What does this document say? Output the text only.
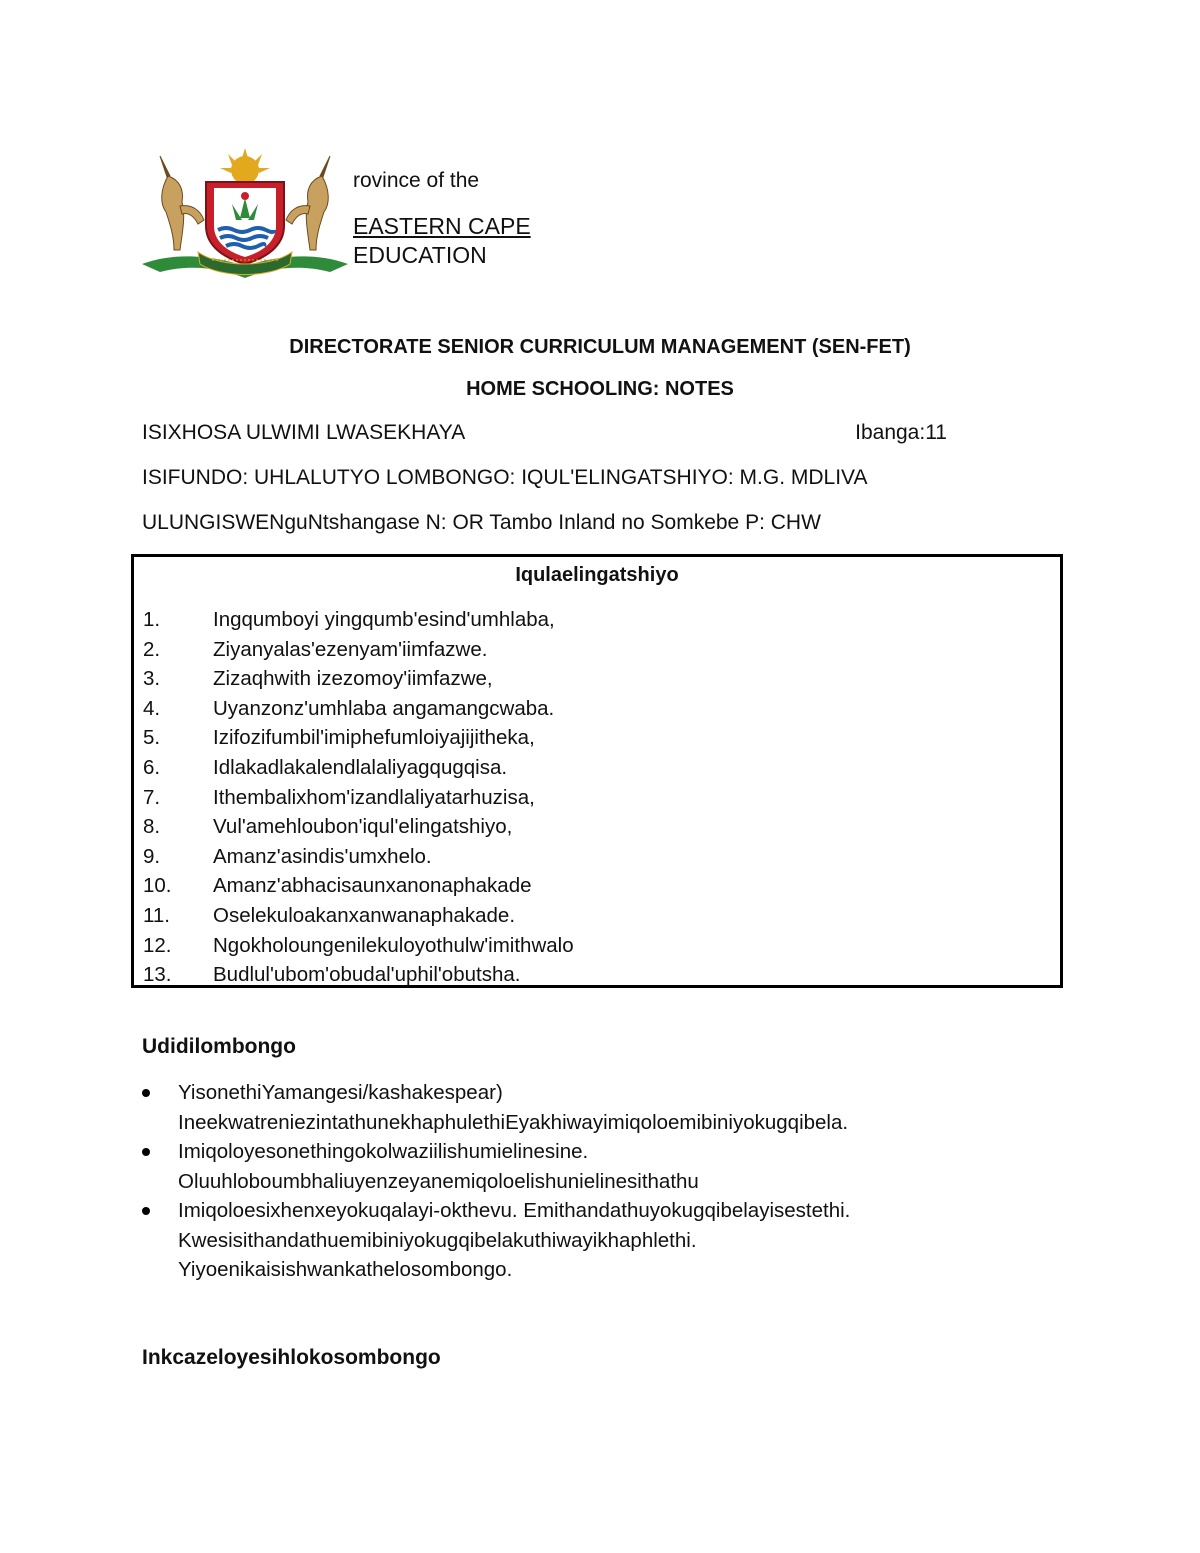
rovince of the
EASTERN CAPE
EDUCATION
DIRECTORATE SENIOR CURRICULUM MANAGEMENT (SEN-FET)
HOME SCHOOLING: NOTES
ISIXHOSA ULWIMI LWASEKHAYA	Ibanga:11
ISIFUNDO: UHLALUTYO LOMBONGO: IQUL'ELINGATSHIYO: M.G. MDLIVA
ULUNGISWENguNtshangase N: OR Tambo Inland no Somkebe P: CHW
Iqulaelingatshiyo
1.	Ingqumboyi yingqumb'esind'umhlaba,
2.	Ziyanyalas'ezenyam'iimfazwe.
3.	Zizaqhwith izezomoy'iimfazwe,
4.	Uyanzonz'umhlaba angamangcwaba.
5.	Izifozifumbil'imiphefumloiyajijitheka,
6.	Idlakadlakalendlalaliyagqugqisa.
7.	Ithembalixhom'izandlaliyatarhuzisa,
8.	Vul'amehloubon'iqul'elingatshiyo,
9.	Amanz'asindis'umxhelo.
10. Amanz'abhacisaunxanonaphakade
11. Oselekuloakanxanwanaphakade.
12. Ngokholoungenilekuloyothulw'imithwalo
13. Budlul'ubom'obudal'uphil'obutsha.
Udidilombongo
YisonethiYamangesi/kashakespear)
IneekwatreniezintathunekhaphulethiEyakhiwayimiqoloemibiniyokugqibela.
Imiqoloyesonethingokolwaziilishumielinesine.
Oluuhloboumbhaliuyenzeyanemiqoloelishunielinesithathu
Imiqoloesixhenxeyokuqalayi-okthevu. Emithandathuyokugqibelayisestethi.
Kwesisithandathuemibiniyokugqibelakuthiwayikhaphlethi.
Yiyoenikaisishwankathelosombongo.
Inkcazeloyesihlokosombongo
